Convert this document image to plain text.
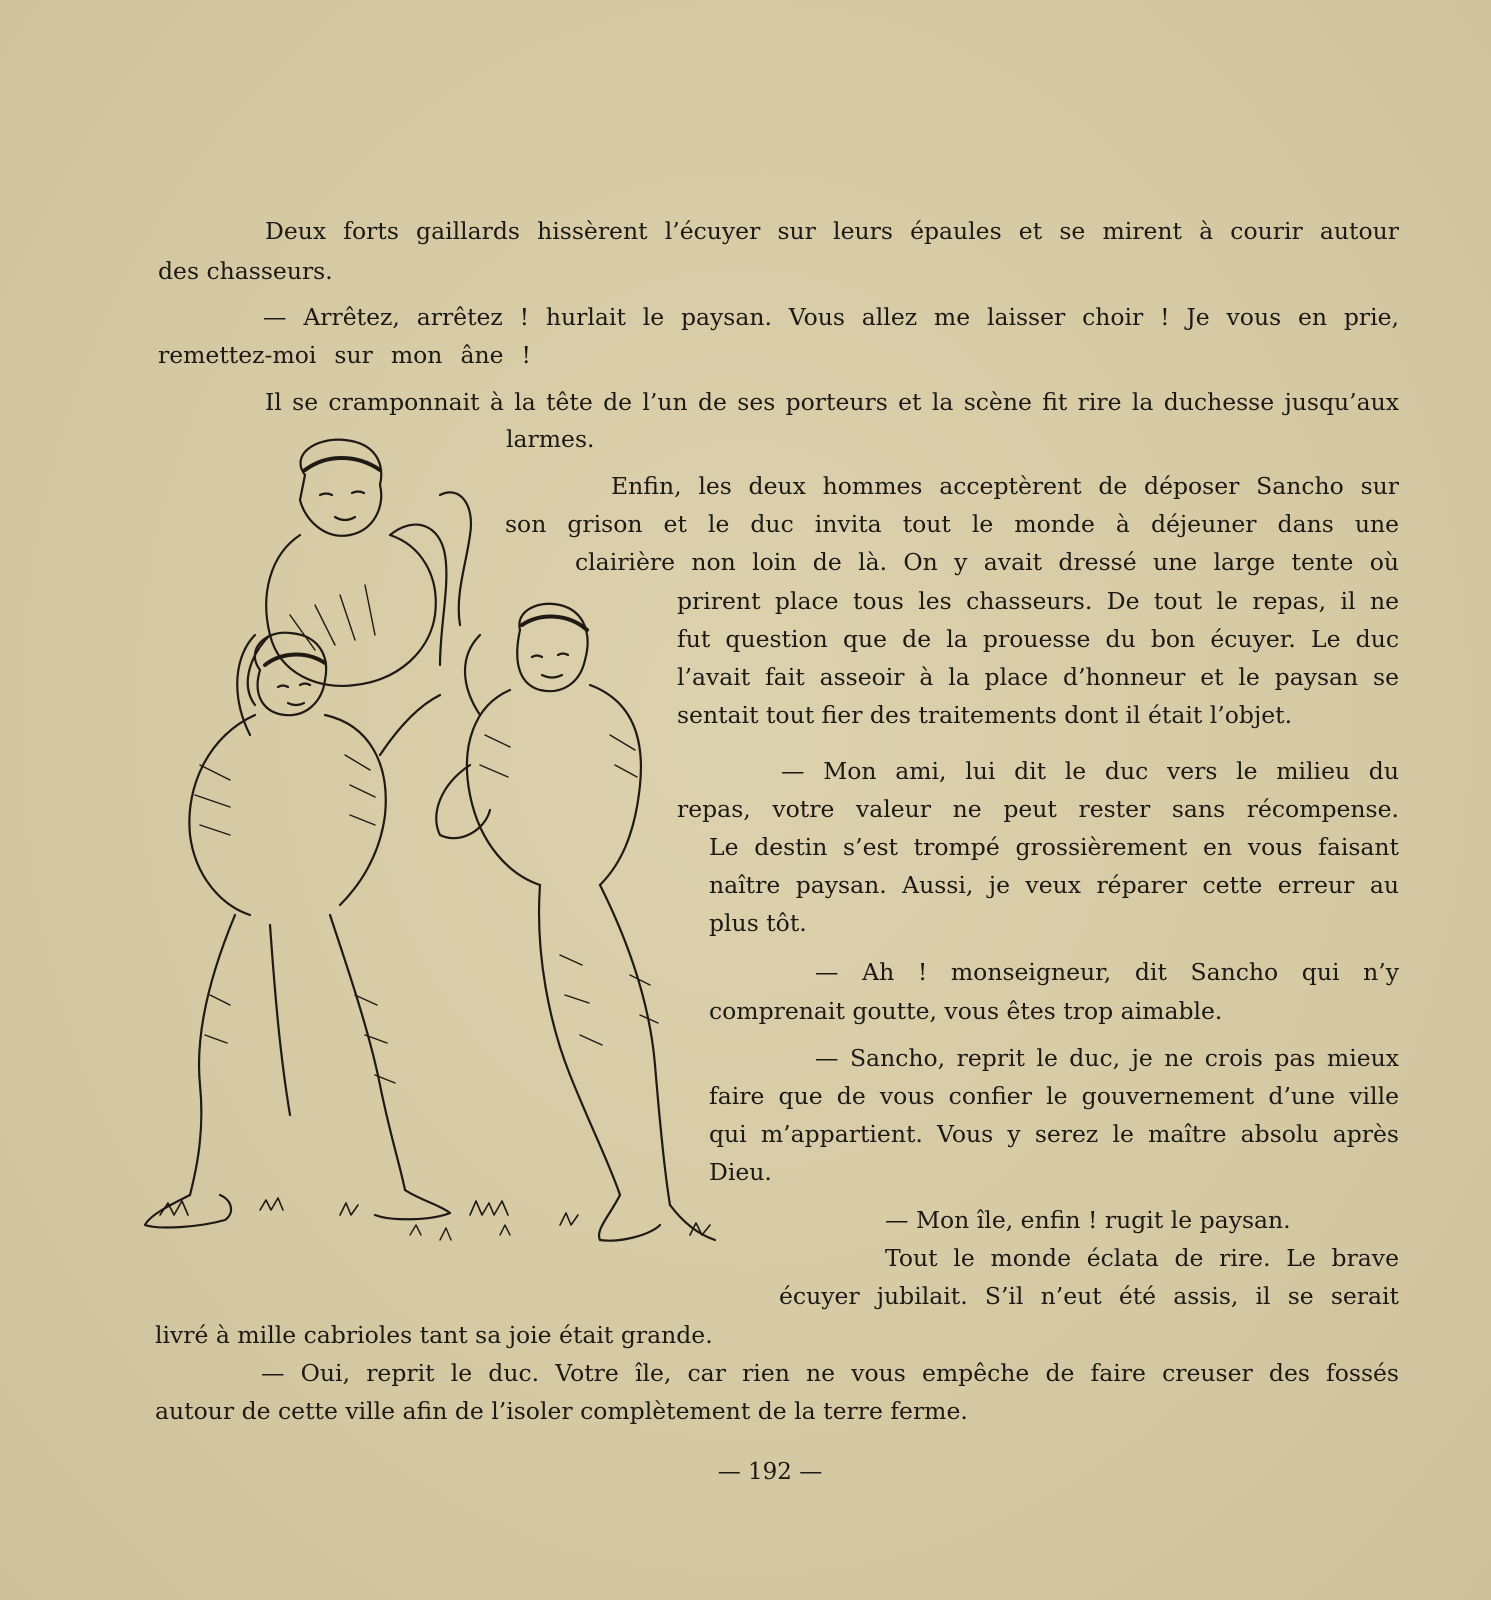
Deux forts gaillards hissèrent l’écuyer sur leurs épaules et se mirent à courir autour
des chasseurs.
— Arrêtez, arrêtez ! hurlait le paysan. Vous allez me laisser choir ! Je vous en prie,
remettez-moi sur mon âne !
Il se cramponnait à la tête de l’un de ses porteurs et la scène fit rire la duchesse jusqu’aux
larmes.
Enfin, les deux hommes acceptèrent de déposer Sancho sur
son grison et le duc invita tout le monde à déjeuner dans une
clairière non loin de là. On y avait dressé une large tente où
prirent place tous les chasseurs. De tout le repas, il ne
fut question que de la prouesse du bon écuyer. Le duc
l’avait fait asseoir à la place d’honneur et le paysan se
sentait tout fier des traitements dont il était l’objet.
— Mon ami, lui dit le duc vers le milieu du
repas, votre valeur ne peut rester sans récompense.
Le destin s’est trompé grossièrement en vous faisant
naître paysan. Aussi, je veux réparer cette erreur au
plus tôt.
— Ah ! monseigneur, dit Sancho qui n’y
comprenait goutte, vous êtes trop aimable.
— Sancho, reprit le duc, je ne crois pas mieux
faire que de vous confier le gouvernement d’une ville
qui m’appartient. Vous y serez le maître absolu après
Dieu.
— Mon île, enfin ! rugit le paysan.
Tout le monde éclata de rire. Le brave
écuyer jubilait. S’il n’eut été assis, il se serait
livré à mille cabrioles tant sa joie était grande.
— Oui, reprit le duc. Votre île, car rien ne vous empêche de faire creuser des fossés
autour de cette ville afin de l’isoler complètement de la terre ferme.
— 192 —
